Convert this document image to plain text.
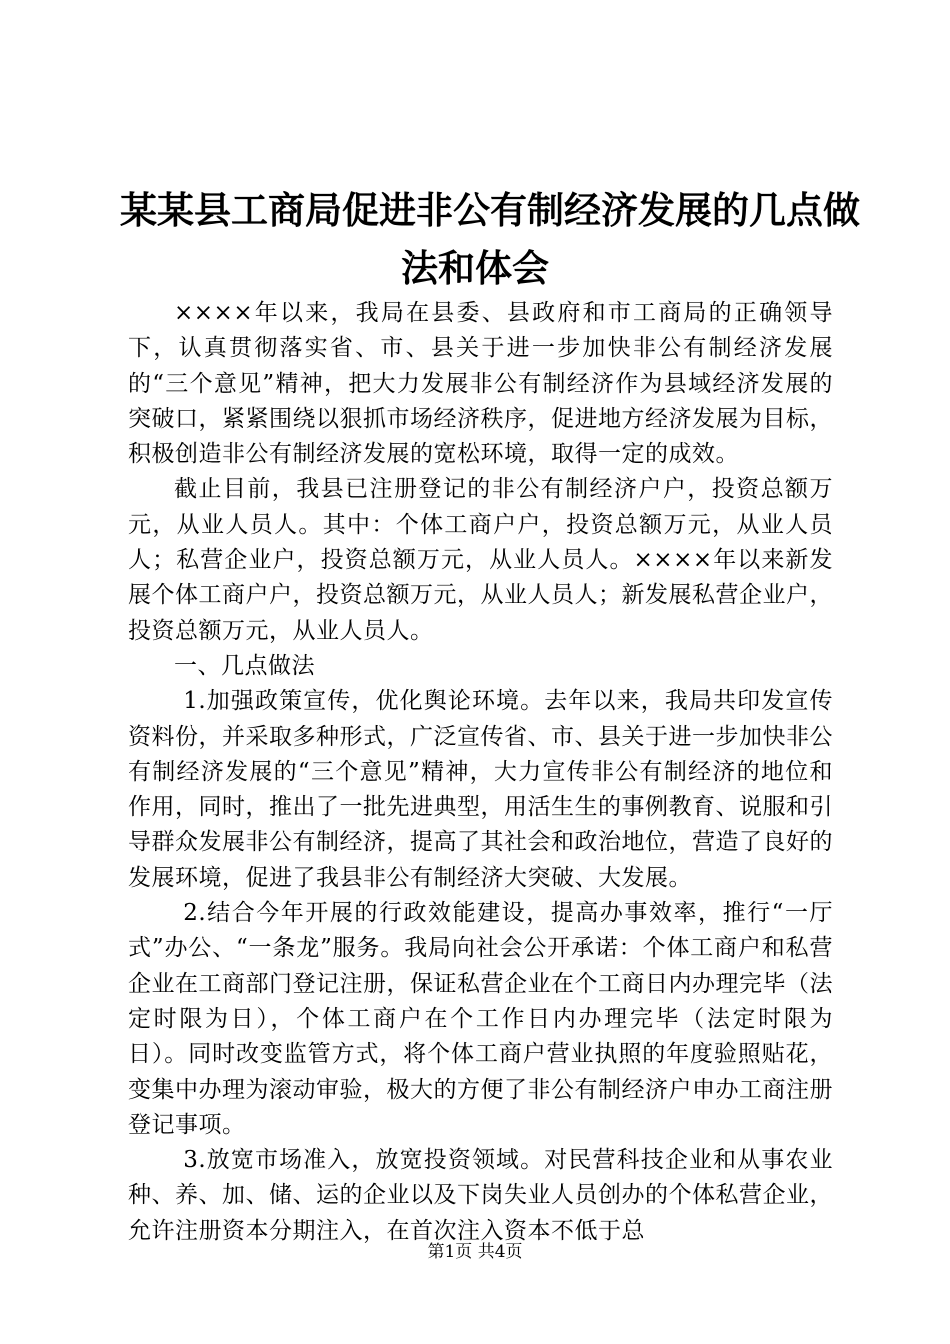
某某县工商局促进非公有制经济发展的几点做
法和体会

××××年以来，我局在县委、县政府和市工商局的正确领导下，认真贯彻落实省、市、县关于进一步加快非公有制经济发展的“三个意见”精神，把大力发展非公有制经济作为县域经济发展的突破口，紧紧围绕以狠抓市场经济秩序，促进地方经济发展为目标，积极创造非公有制经济发展的宽松环境，取得一定的成效。

截止目前，我县已注册登记的非公有制经济户户，投资总额万元，从业人员人。其中：个体工商户户，投资总额万元，从业人员人；私营企业户，投资总额万元，从业人员人。××××年以来新发展个体工商户户，投资总额万元，从业人员人；新发展私营企业户，投资总额万元，从业人员人。

一、几点做法

1.加强政策宣传，优化舆论环境。去年以来，我局共印发宣传资料份，并采取多种形式，广泛宣传省、市、县关于进一步加快非公有制经济发展的“三个意见”精神，大力宣传非公有制经济的地位和作用，同时，推出了一批先进典型，用活生生的事例教育、说服和引导群众发展非公有制经济，提高了其社会和政治地位，营造了良好的发展环境，促进了我县非公有制经济大突破、大发展。

2.结合今年开展的行政效能建设，提高办事效率，推行“一厅式”办公、“一条龙”服务。我局向社会公开承诺：个体工商户和私营企业在工商部门登记注册，保证私营企业在个工商日内办理完毕（法定时限为日），个体工商户在个工作日内办理完毕（法定时限为日）。同时改变监管方式，将个体工商户营业执照的年度验照贴花，变集中办理为滚动审验，极大的方便了非公有制经济户申办工商注册登记事项。

3.放宽市场准入，放宽投资领域。对民营科技企业和从事农业种、养、加、储、运的企业以及下岗失业人员创办的个体私营企业，允许注册资本分期注入，在首次注入资本不低于总

第1页 共4页
